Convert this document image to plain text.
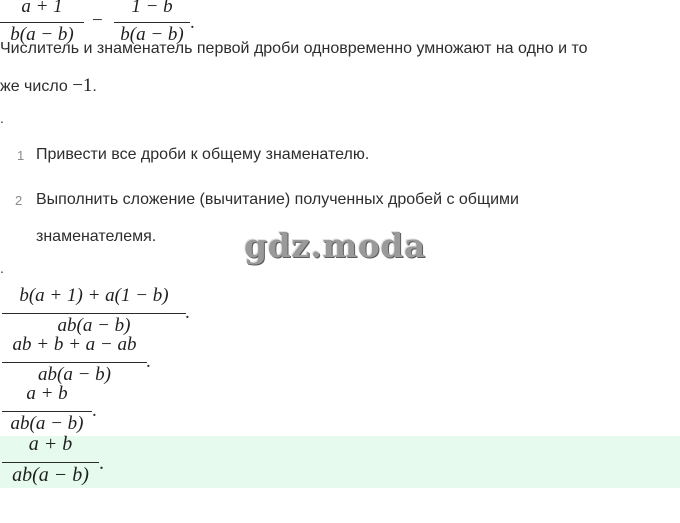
a + 1
b(a − b)
−
1 − b
b(a − b)
.
Числитель и знаменатель первой дроби одновременно умножают на одно и то
же число −1.
.
1 Привести все дроби к общему знаменателю.
2 Выполнить сложение (вычитание) полученных дробей с общими
знаменателемя.	gdz.moda
.
b(a + 1) + a(1 − b)
ab(a − b)
.
ab + b + a − ab
ab(a − b)
.
a + b
ab(a − b)
.
a + b
ab(a − b)
.
